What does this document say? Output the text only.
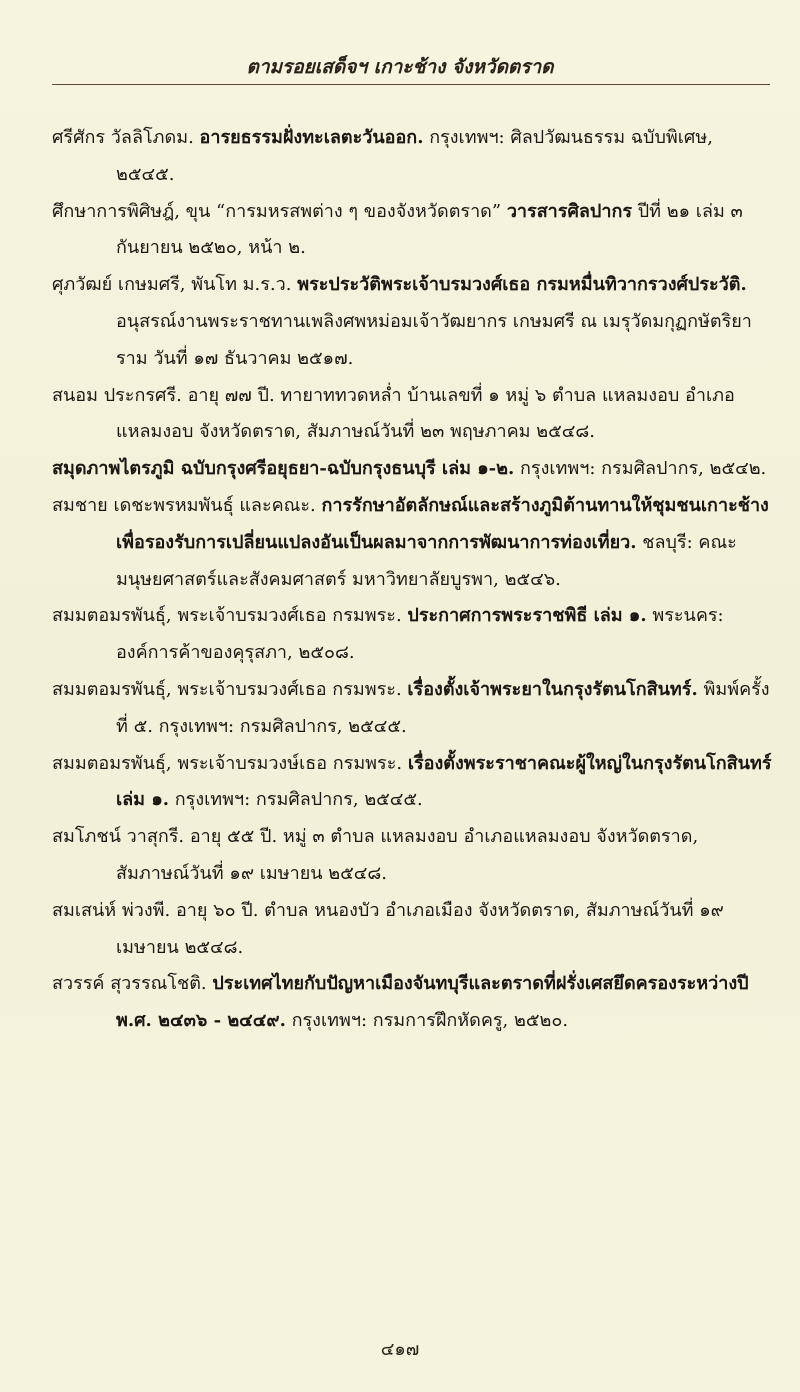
ตามรอยเสด็จฯ เกาะช้าง จังหวัดตราด

ศรีศักร วัลลิโภดม. อารยธรรมฝั่งทะเลตะวันออก. กรุงเทพฯ: ศิลปวัฒนธรรม ฉบับพิเศษ, ๒๕๔๕.

ศึกษาการพิศิษฎ์, ขุน “การมหรสพต่าง ๆ ของจังหวัดตราด” วารสารศิลปากร ปีที่ ๒๑ เล่ม ๓ กันยายน ๒๕๒๐, หน้า ๒.

ศุภวัฒย์ เกษมศรี, พันโท ม.ร.ว. พระประวัติพระเจ้าบรมวงศ์เธอ กรมหมื่นทิวากรวงศ์ประวัติ. อนุสรณ์งานพระราชทานเพลิงศพหม่อมเจ้าวัฒยากร เกษมศรี ณ เมรุวัดมกุฏกษัตริยาราม วันที่ ๑๗ ธันวาคม ๒๕๑๗.

สนอม ประกรศรี. อายุ ๗๗ ปี. ทายาททวดหล่ำ บ้านเลขที่ ๑ หมู่ ๖ ตำบล แหลมงอบ อำเภอแหลมงอบ จังหวัดตราด, สัมภาษณ์วันที่ ๒๓ พฤษภาคม ๒๕๔๘.

สมุดภาพไตรภูมิ ฉบับกรุงศรีอยุธยา-ฉบับกรุงธนบุรี เล่ม ๑-๒. กรุงเทพฯ: กรมศิลปากร, ๒๕๔๒.

สมชาย เดชะพรหมพันธุ์ และคณะ. การรักษาอัตลักษณ์และสร้างภูมิต้านทานให้ชุมชนเกาะช้าง เพื่อรองรับการเปลี่ยนแปลงอันเป็นผลมาจากการพัฒนาการท่องเที่ยว. ชลบุรี: คณะมนุษยศาสตร์และสังคมศาสตร์ มหาวิทยาลัยบูรพา, ๒๕๔๖.

สมมตอมรพันธุ์, พระเจ้าบรมวงศ์เธอ กรมพระ. ประกาศการพระราชพิธี เล่ม ๑. พระนคร: องค์การค้าของคุรุสภา, ๒๕๐๘.

สมมตอมรพันธุ์, พระเจ้าบรมวงศ์เธอ กรมพระ. เรื่องตั้งเจ้าพระยาในกรุงรัตนโกสินทร์. พิมพ์ครั้งที่ ๕. กรุงเทพฯ: กรมศิลปากร, ๒๕๔๕.

สมมตอมรพันธุ์, พระเจ้าบรมวงษ์เธอ กรมพระ. เรื่องตั้งพระราชาคณะผู้ใหญ่ในกรุงรัตนโกสินทร์ เล่ม ๑. กรุงเทพฯ: กรมศิลปากร, ๒๕๔๕.

สมโภชน์ วาสุกรี. อายุ ๕๕ ปี. หมู่ ๓ ตำบล แหลมงอบ อำเภอแหลมงอบ จังหวัดตราด, สัมภาษณ์วันที่ ๑๙ เมษายน ๒๕๔๘.

สมเสน่ห์ พ่วงพี. อายุ ๖๐ ปี. ตำบล หนองบัว อำเภอเมือง จังหวัดตราด, สัมภาษณ์วันที่ ๑๙ เมษายน ๒๕๔๘.

สวรรค์ สุวรรณโชติ. ประเทศไทยกับปัญหาเมืองจันทบุรีและตราดที่ฝรั่งเศสยึดครองระหว่างปี พ.ศ. ๒๔๓๖ - ๒๔๔๙. กรุงเทพฯ: กรมการฝึกหัดครู, ๒๕๒๐.

๔๑๗
